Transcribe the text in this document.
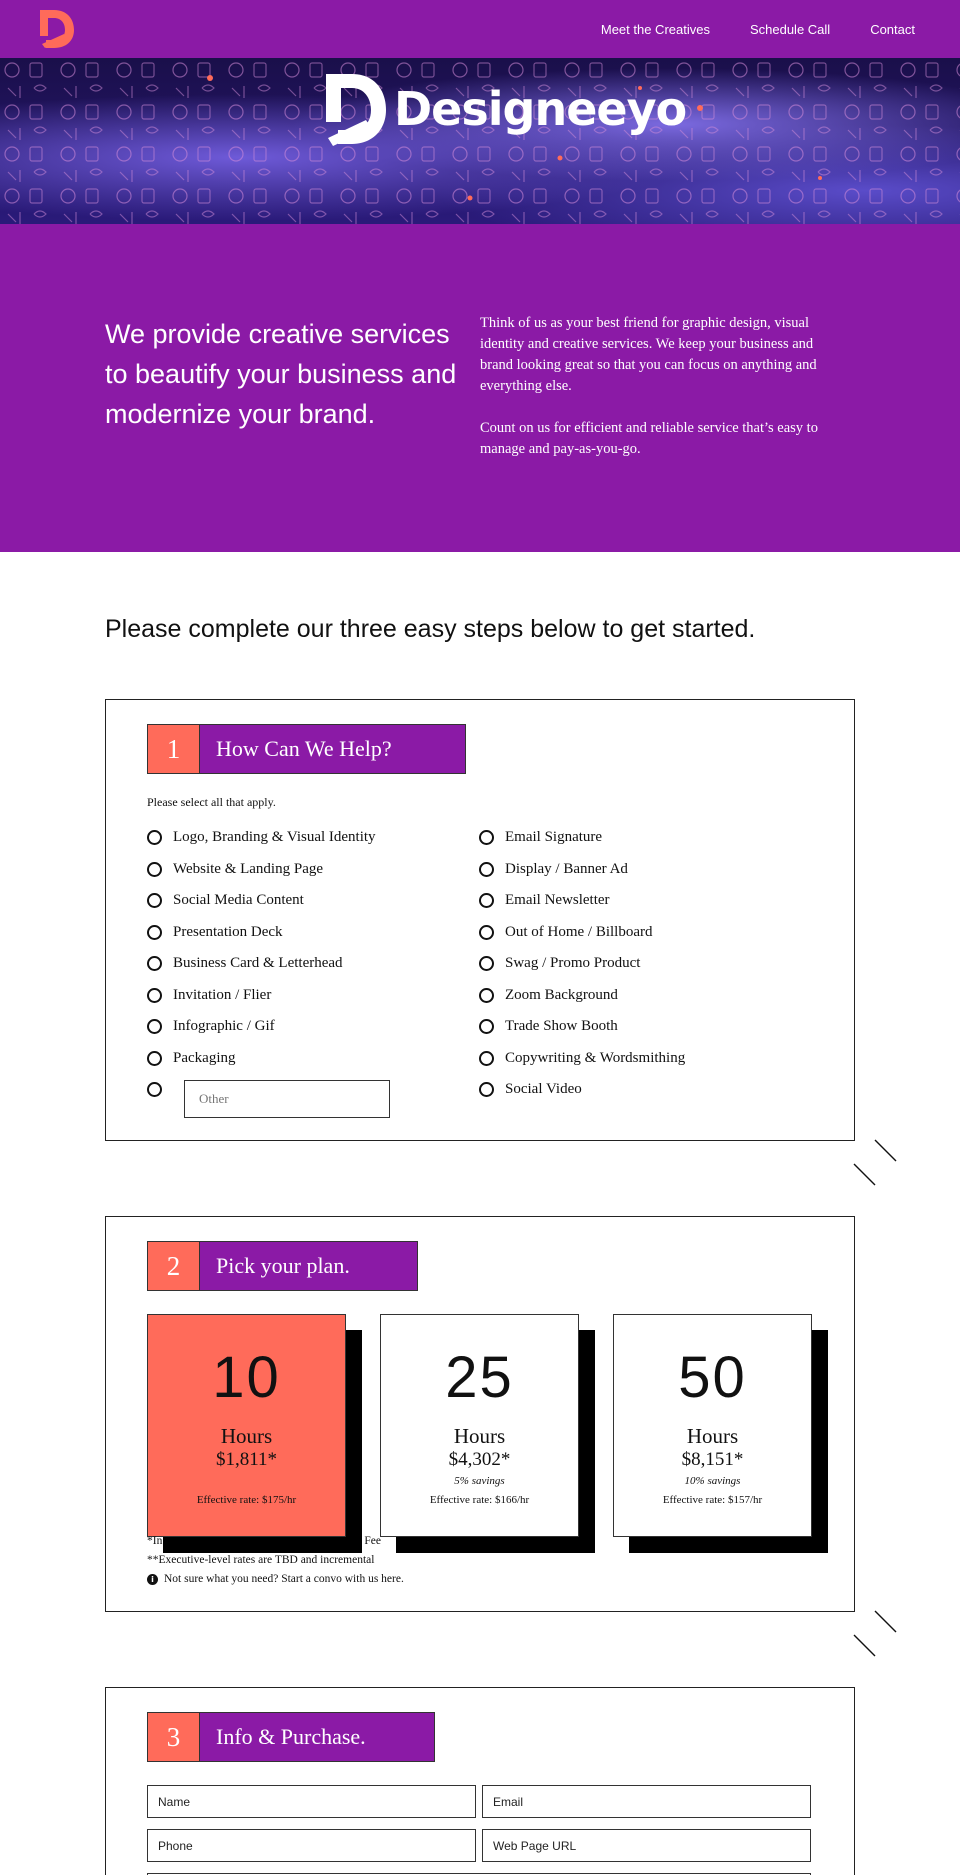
Meet the Creatives	Schedule Call	Contact
Designeeyo
We provide creative services to beautify your business and modernize your brand.

Think of us as your best friend for graphic design, visual identity and creative services. We keep your business and brand looking great so that you can focus on anything and everything else.

Count on us for efficient and reliable service that’s easy to manage and pay-as-you-go.

Please complete our three easy steps below to get started.
1	How Can We Help?
Please select all that apply.
Logo, Branding & Visual Identity
Website & Landing Page
Social Media Content
Presentation Deck
Business Card & Letterhead
Invitation / Flier
Infographic / Gif
Packaging
Other
Email Signature
Display / Banner Ad
Email Newsletter
Out of Home / Billboard
Swag / Promo Product
Zoom Background
Trade Show Booth
Copywriting & Wordsmithing
Social Video
2	Pick your plan.
10
Hours
$1,811*
Effective rate: $175/hr
25
Hours
$4,302*
5% savings
Effective rate: $166/hr
50
Hours
$8,151*
10% savings
Effective rate: $157/hr
*In	Fee
**Executive-level rates are TBD and incremental
i Not sure what you need? Start a convo with us here.
3	Info & Purchase.
Name
Email
Phone
Web Page URL
